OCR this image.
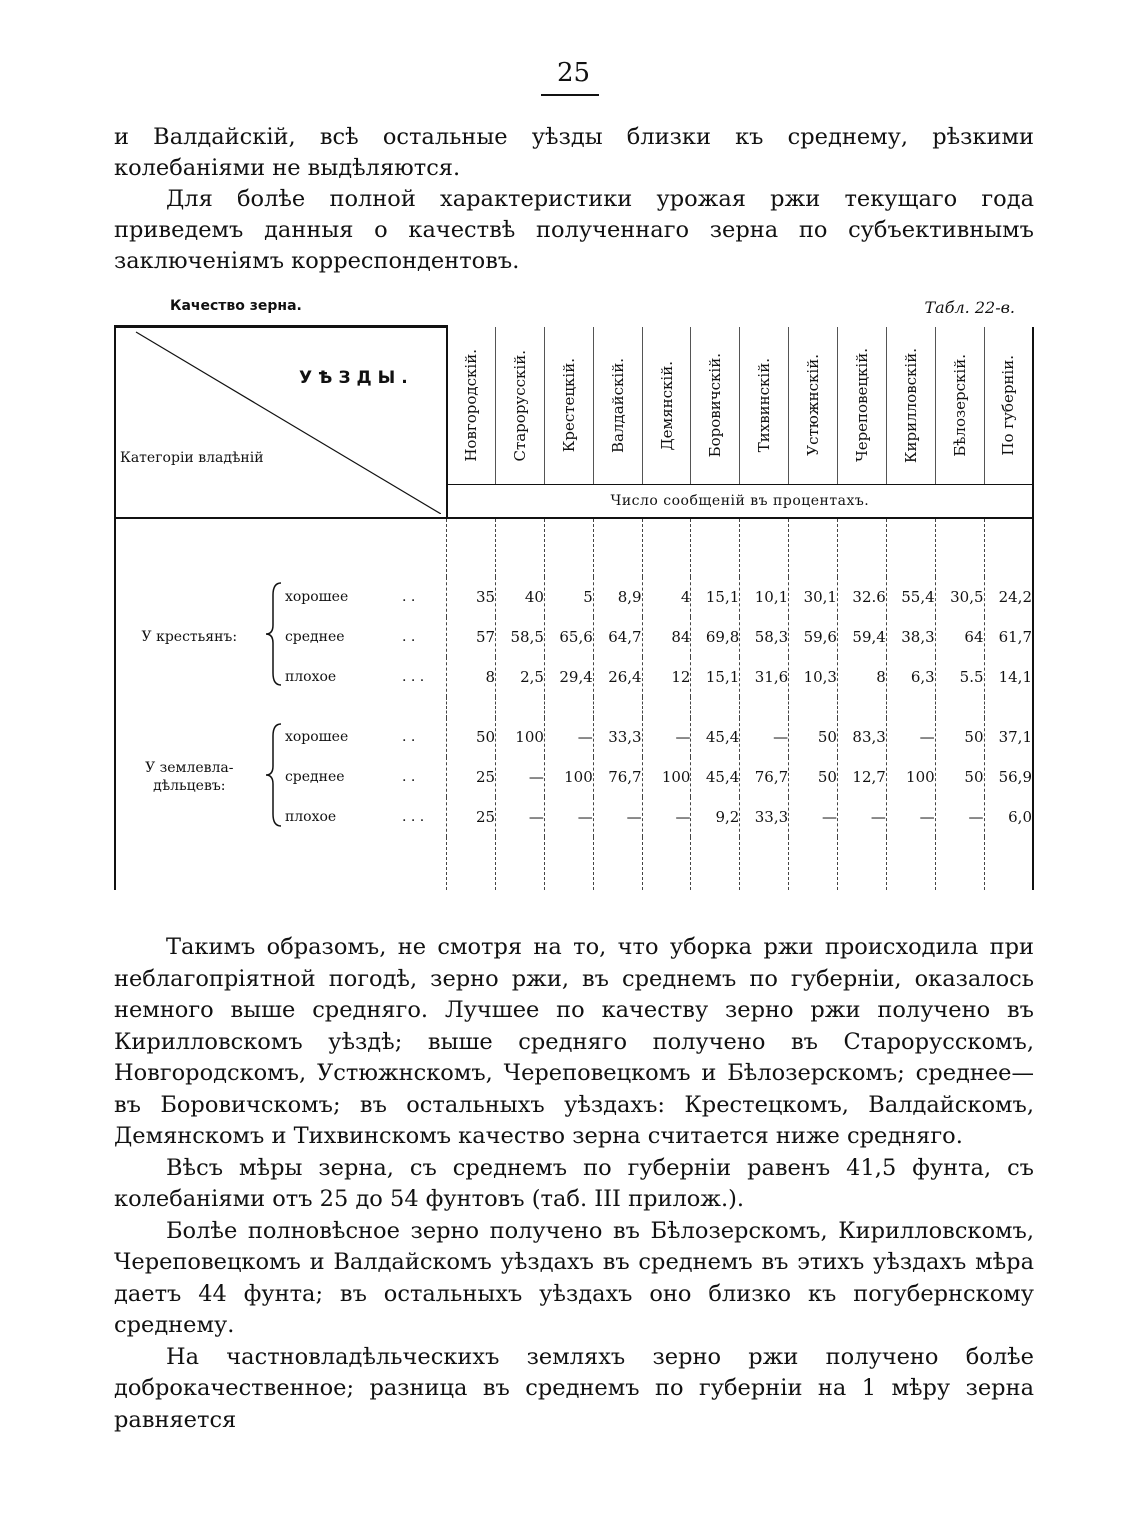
25

и Валдайскій, всѣ остальные уѣзды близки къ среднему, рѣзкими колебаніями не выдѣляются.

Для болѣе полной характеристики урожая ржи текущаго года приведемъ данныя о качествѣ полученнаго зерна по субъективнымъ заключеніямъ корреспондентовъ.

Качество зерна.	Табл. 22-в.
УѢЗДЫ.
Категоріи владѣній				Новгородскій.	Старорусскій.	Крестецкій.	Валдайскій.	Демянскій.	Боровичскій.	Тихвинскій.	Устюжнскій.	Череповецкій.	Кирилловскій.	Бѣлозерскій.	По губерніи.

				Число сообщеній въ процентахъ.											

У крестьянъ:		хорошее	. .	35	40	5	8,9	4	15,1	10,1	30,1	32.6	55,4	30,5	24,2
		среднее	. .	57	58,5	65,6	64,7	84	69,8	58,3	59,6	59,4	38,3	64	61,7
		плохое	. . .	8	2,5	29,4	26,4	12	15,1	31,6	10,3	8	6,3	5.5	14,1

У землевла-
дѣльцевъ:		хорошее	. .	50	100	—	33,3	—	45,4	—	50	83,3	—	50	37,1
		среднее	. .	25	—	100	76,7	100	45,4	76,7	50	12,7	100	50	56,9
		плохое	. . .	25	—	—	—	—	9,2	33,3	—	—	—	—	6,0

Такимъ образомъ, не смотря на то, что уборка ржи происходила при неблагопріятной погодѣ, зерно ржи, въ среднемъ по губерніи, оказалось немного выше средняго. Лучшее по качеству зерно ржи получено въ Кирилловскомъ уѣздѣ; выше средняго получено въ Старорусскомъ, Новгородскомъ, Устюжнскомъ, Череповецкомъ и Бѣлозерскомъ; среднее—въ Боровичскомъ; въ остальныхъ уѣздахъ: Крестецкомъ, Валдайскомъ, Демянскомъ и Тихвинскомъ качество зерна считается ниже средняго.

Вѣсъ мѣры зерна, съ среднемъ по губерніи равенъ 41,5 фунта, съ колебаніями отъ 25 до 54 фунтовъ (таб. III прилож.).

Болѣе полновѣсное зерно получено въ Бѣлозерскомъ, Кирилловскомъ, Череповецкомъ и Валдайскомъ уѣздахъ въ среднемъ въ этихъ уѣздахъ мѣра даетъ 44 фунта; въ остальныхъ уѣздахъ оно близко къ погубернскому среднему.

На частновладѣльческихъ земляхъ зерно ржи получено болѣе доброкачественное; разница въ среднемъ по губерніи на 1 мѣру зерна равняется
